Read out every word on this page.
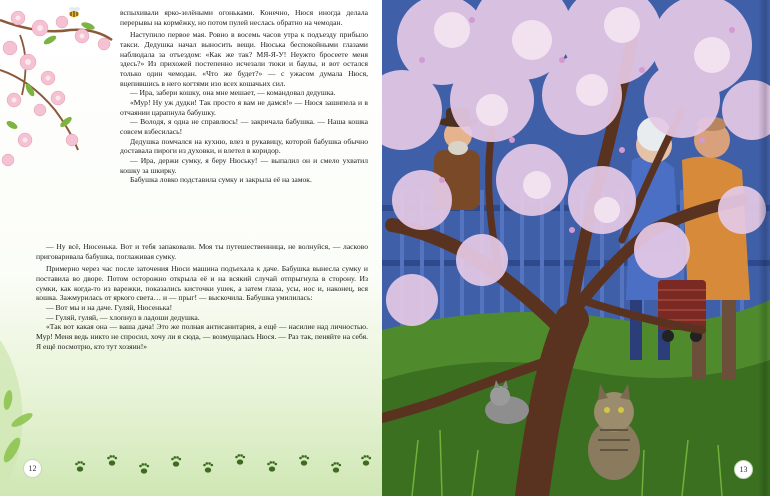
вспыхивали ярко-зелёными огоньками. Конечно, Нюся иногда делала перерывы на кормёжку, но потом пулей неслась обратно на чемодан.

Наступило первое мая. Ровно в восемь часов утра к подъезду прибыло такси. Дедушка начал выносить вещи. Нюська беспокойными глазами наблюдала за отъездом: «Как же так? МЯ-Я-У! Неужто бросеете меня здесь?» Из прихожей постепенно исчезали тюки и баулы, и вот остался только один чемодан. «Что же будет?» — с ужасом думала Нюся, вцепившись в него когтями изо всех кошачьих сил.

— Ира, забери кошку, она мне мешает, — командовал дедушка.

«Мур! Ну уж дудки! Так просто я вам не дамся!» — Нюся зашипела и в отчаянии царапнула бабушку.

— Володя, я одна не справлюсь! — закричала бабушка. — Наша кошка совсем взбесилась!

Дедушка помчался на кухню, влез в рукавицу, которой бабушка обычно доставала пироги из духовки, и влетел в коридор.

— Ира, держи сумку, я беру Нюську! — выпалил он и смело ухватил кошку за шкирку.

Бабушка ловко подставила сумку и закрыла её на замок.

— Ну всё, Нюсенька. Вот и тебя запаковали. Моя ты путешественница, не волнуйся, — ласково приговаривала бабушка, поглаживая сумку.

Примерно через час после заточения Нюси машина подъехала к даче. Бабушка вынесла сумку и поставила во дворе. Потом осторожно открыла её и на всякий случай отпрыгнула в сторону. Из сумки, как когда-то из варежки, показались кисточки ушек, а затем глаза, усы, нос и, наконец, вся кошка. Зажмурилась от яркого света… и — прыг! — выскочила. Бабушка умилилась:

— Вот мы и на даче. Гуляй, Нюсенька!

— Гуляй, гуляй, — хлопнул в ладоши дедушка.

«Так вот какая она — ваша дача! Это же полная антисанитария, а ещё — насилие над личностью. Мур! Меня ведь никто не спросил, хочу ли я сюда, — возмущалась Нюся. — Раз так, пеняйте на себя. Я ещё посмотрю, кто тут хозяин!»

12	13
